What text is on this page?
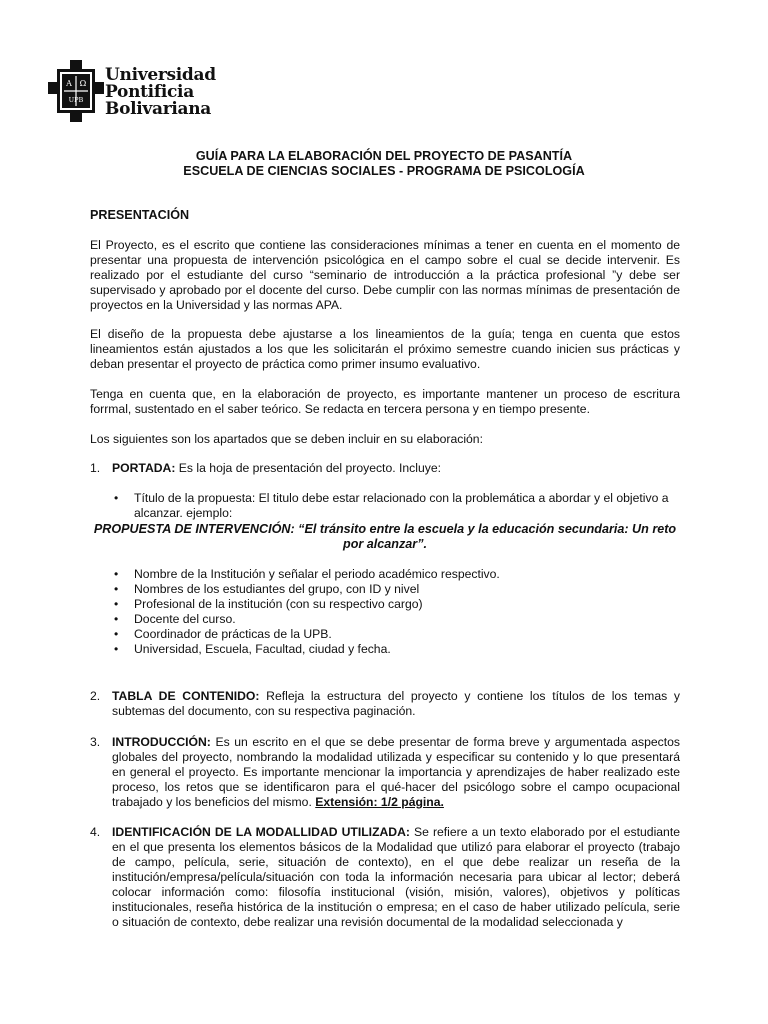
A Ω
UPB
Universidad
Pontificia
Bolivariana
GUÍA PARA LA ELABORACIÓN DEL PROYECTO DE PASANTÍA
ESCUELA DE CIENCIAS SOCIALES - PROGRAMA DE PSICOLOGÍA
PRESENTACIÓN
El Proyecto, es el escrito que contiene las consideraciones mínimas a tener en cuenta en el momento de presentar una propuesta de intervención psicológica en el campo sobre el cual se decide intervenir. Es realizado por el estudiante del curso “seminario de introducción a la práctica profesional ”y debe ser supervisado y aprobado por el docente del curso. Debe cumplir con las normas mínimas de presentación de proyectos en la Universidad y las normas APA.
El diseño de la propuesta debe ajustarse a los lineamientos de la guía; tenga en cuenta que estos lineamientos están ajustados a los que les solicitarán el próximo semestre cuando inicien sus prácticas y deban presentar el proyecto de práctica como primer insumo evaluativo.
Tenga en cuenta que, en la elaboración de proyecto, es importante mantener un proceso de escritura forrmal, sustentado en el saber teórico. Se redacta en tercera persona y en tiempo presente.
Los siguientes son los apartados que se deben incluir en su elaboración:
1. PORTADA: Es la hoja de presentación del proyecto. Incluye:
• Título de la propuesta: El titulo debe estar relacionado con la problemática a abordar y el objetivo a alcanzar. ejemplo:
PROPUESTA DE INTERVENCIÓN: “El tránsito entre la escuela y la educación secundaria: Un reto por alcanzar”.
• Nombre de la Institución y señalar el periodo académico respectivo.
• Nombres de los estudiantes del grupo, con ID y nivel
• Profesional de la institución (con su respectivo cargo)
• Docente del curso.
• Coordinador de prácticas de la UPB.
• Universidad, Escuela, Facultad, ciudad y fecha.
2. TABLA DE CONTENIDO: Refleja la estructura del proyecto y contiene los títulos de los temas y subtemas del documento, con su respectiva paginación.
3. INTRODUCCIÓN: Es un escrito en el que se debe presentar de forma breve y argumentada aspectos globales del proyecto, nombrando la modalidad utilizada y especificar su contenido y lo que presentará en general el proyecto. Es importante mencionar la importancia y aprendizajes de haber realizado este proceso, los retos que se identificaron para el qué-hacer del psicólogo sobre el campo ocupacional trabajado y los beneficios del mismo. Extensión: 1/2 página.
4. IDENTIFICACIÓN DE LA MODALLIDAD UTILIZADA: Se refiere a un texto elaborado por el estudiante en el que presenta los elementos básicos de la Modalidad que utilizó para elaborar el proyecto (trabajo de campo, película, serie, situación de contexto), en el que debe realizar un reseña de la institución/empresa/película/situación con toda la información necesaria para ubicar al lector; deberá colocar información como: filosofía institucional (visión, misión, valores), objetivos y políticas institucionales, reseña histórica de la institución o empresa; en el caso de haber utilizado película, serie o situación de contexto, debe realizar una revisión documental de la modalidad seleccionada y
